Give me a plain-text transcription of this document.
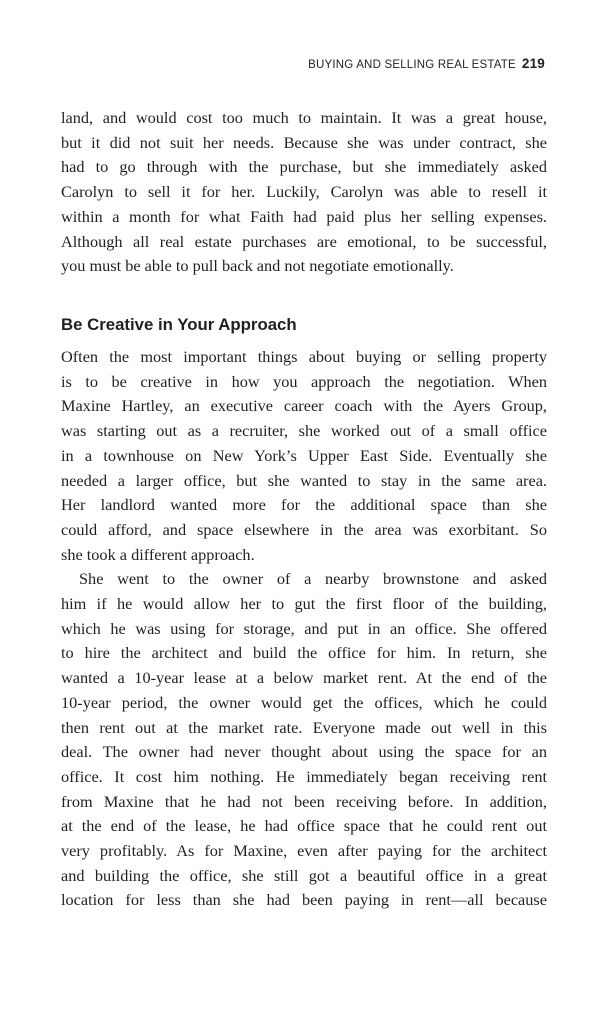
BUYING AND SELLING REAL ESTATE 219

land, and would cost too much to maintain. It was a great house,

but it did not suit her needs. Because she was under contract, she

had to go through with the purchase, but she immediately asked

Carolyn to sell it for her. Luckily, Carolyn was able to resell it

within a month for what Faith had paid plus her selling expenses.

Although all real estate purchases are emotional, to be successful,

you must be able to pull back and not negotiate emotionally.

Be Creative in Your Approach

Often the most important things about buying or selling property

is to be creative in how you approach the negotiation. When

Maxine Hartley, an executive career coach with the Ayers Group,

was starting out as a recruiter, she worked out of a small office

in a townhouse on New York’s Upper East Side. Eventually she

needed a larger office, but she wanted to stay in the same area.

Her landlord wanted more for the additional space than she

could afford, and space elsewhere in the area was exorbitant. So

she took a different approach.

She went to the owner of a nearby brownstone and asked

him if he would allow her to gut the first floor of the building,

which he was using for storage, and put in an office. She offered

to hire the architect and build the office for him. In return, she

wanted a 10-year lease at a below market rent. At the end of the

10-year period, the owner would get the offices, which he could

then rent out at the market rate. Everyone made out well in this

deal. The owner had never thought about using the space for an

office. It cost him nothing. He immediately began receiving rent

from Maxine that he had not been receiving before. In addition,

at the end of the lease, he had office space that he could rent out

very profitably. As for Maxine, even after paying for the architect

and building the office, she still got a beautiful office in a great

location for less than she had been paying in rent—all because
